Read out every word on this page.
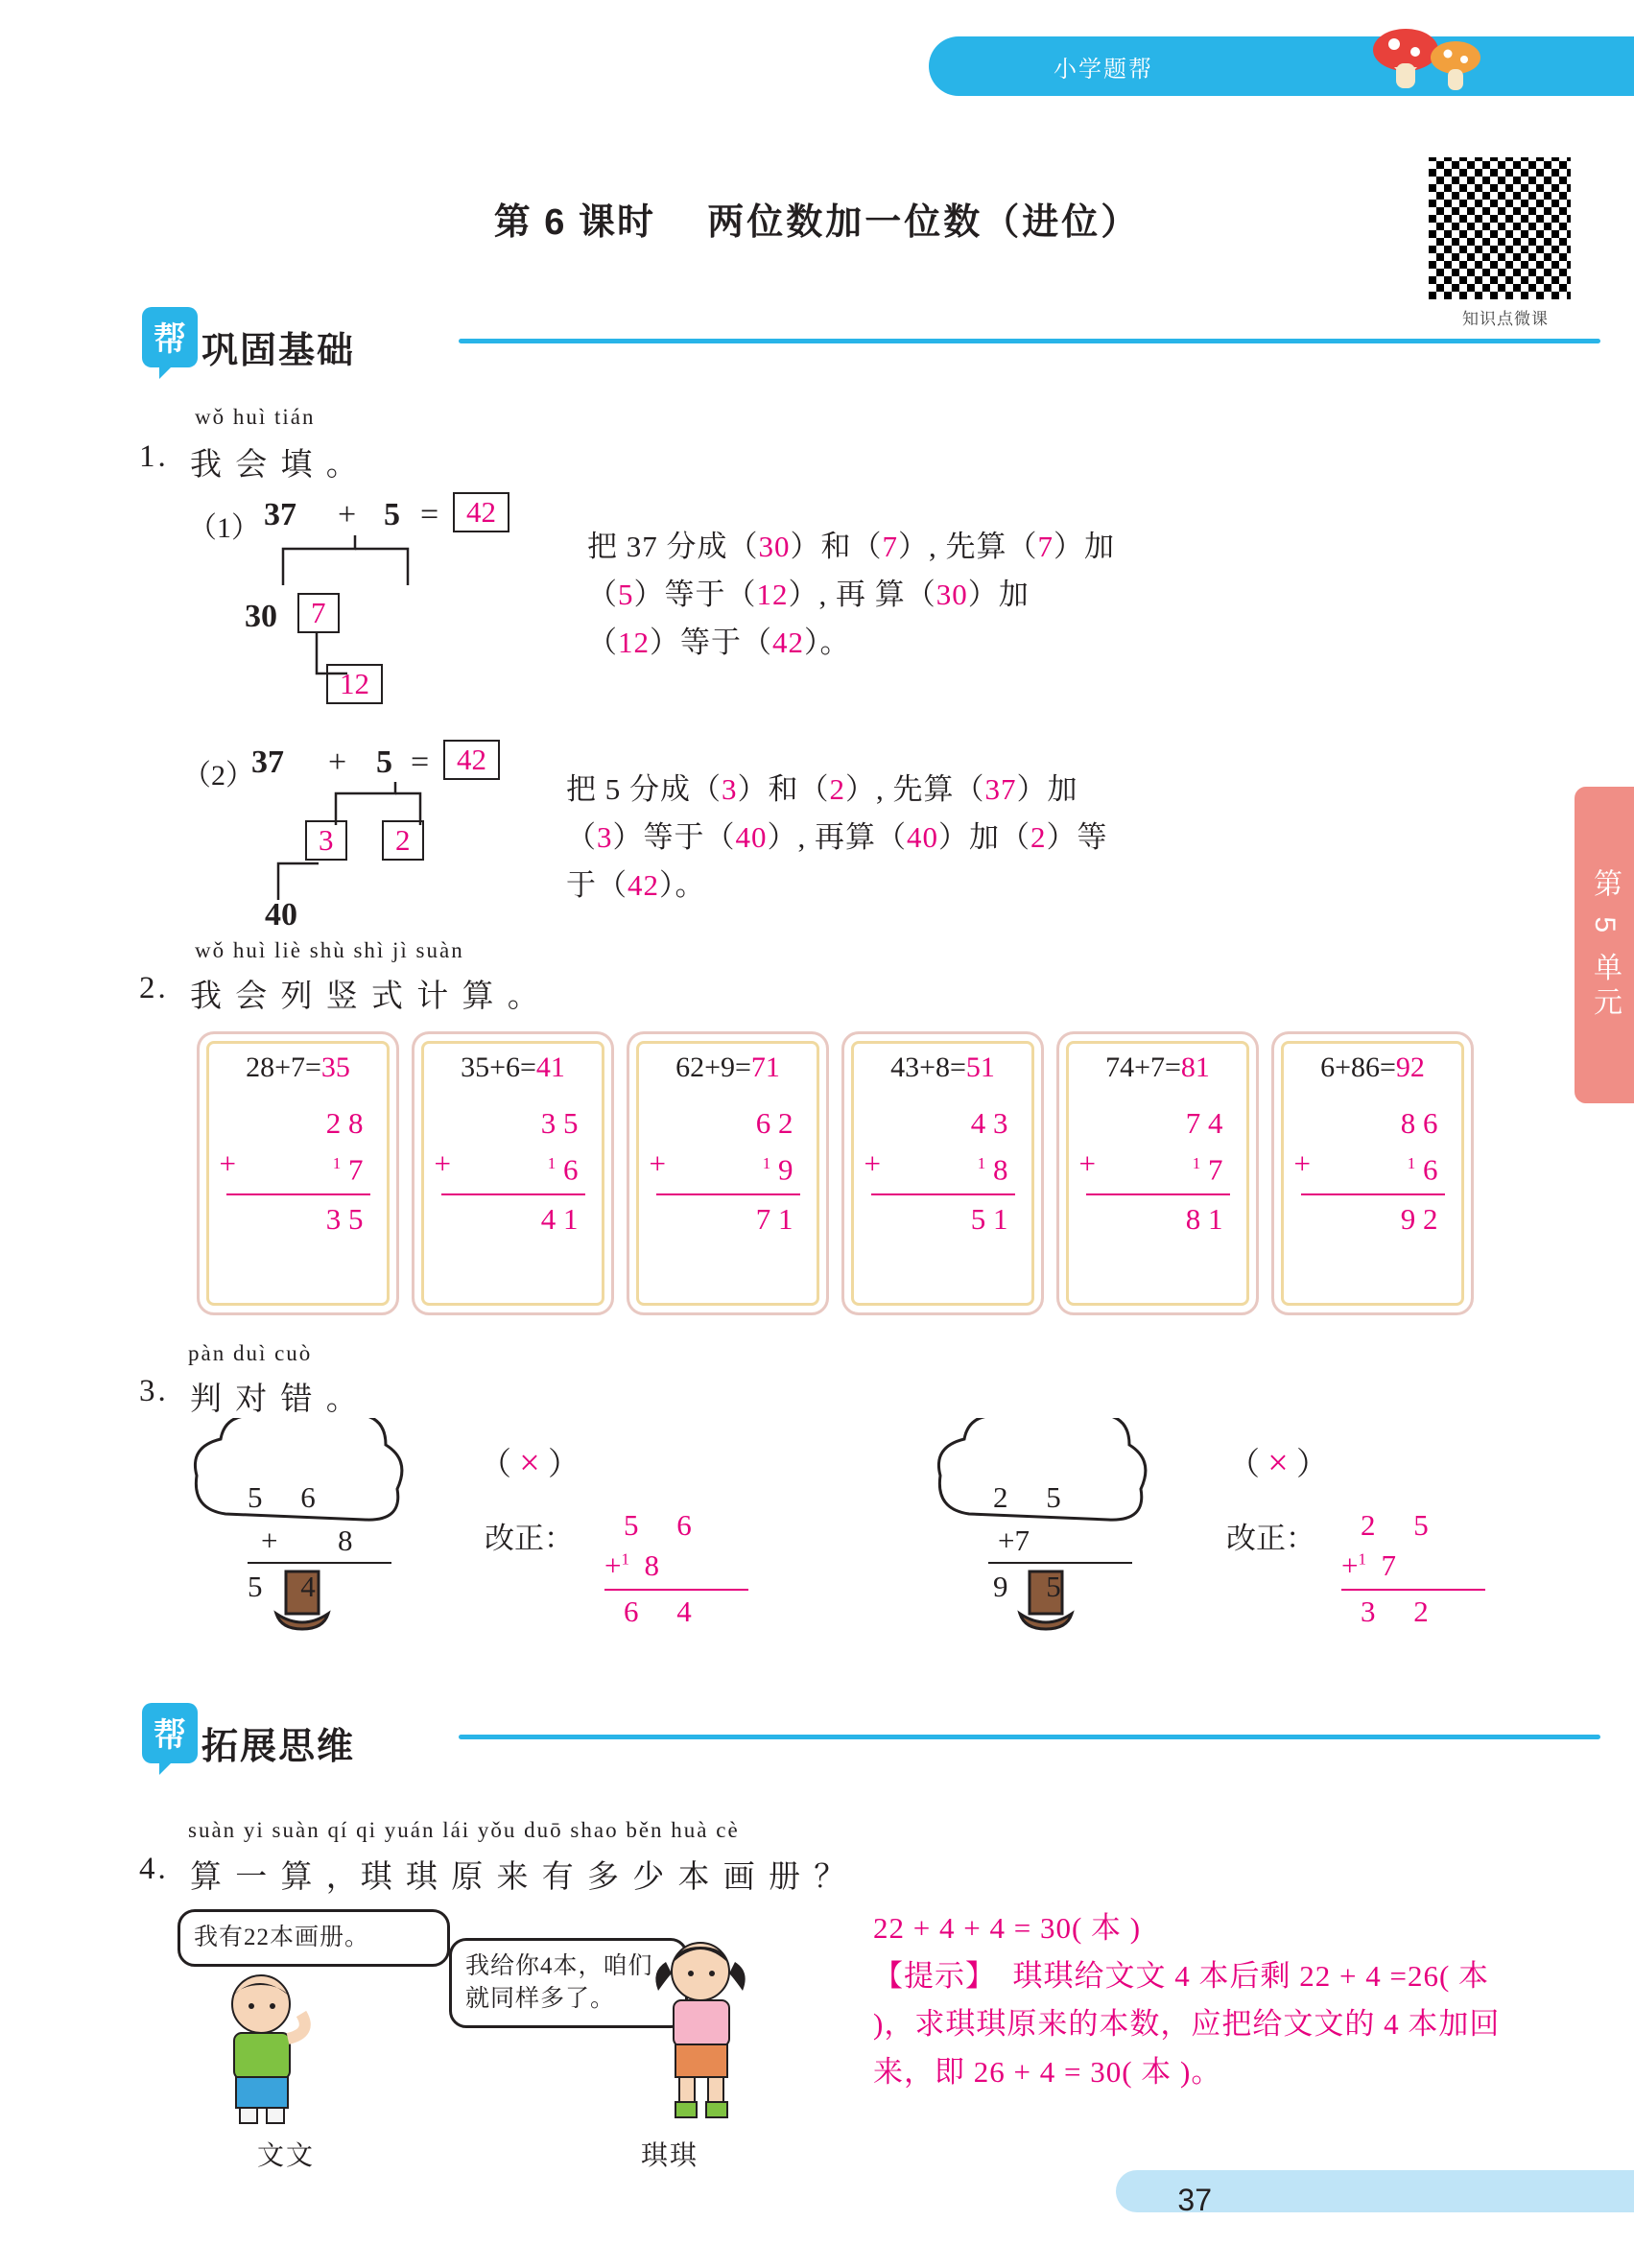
小学题帮
知识点微课
第 6 课时 两位数加一位数（进位）
第 5 单元
帮 巩固基础
wǒ huì tián
1. 我 会 填 。
（1） 37 + 5 = 42
30	7
12
把 37 分成（30）和（7）, 先算（7）加
（5）等于（12）, 再 算（30）加
（12）等于（42）。
（2）
37 + 5 = 42
3	2
40
把 5 分成（3）和（2）, 先算（37）加
（3）等于（40）, 再算（40）加（2）等
于（42）。
wǒ huì liè shù shì jì suàn
2. 我 会 列 竖 式 计 算 。
28+7=35
2 8
+	$^1$ 7
3 5
35+6=41
3 5
+	$^1$ 6
4 1
62+9=71
6 2
+	$^1$ 9
7 1
43+8=51
4 3
+	$^1$ 8
5 1
74+7=81
7 4
+	$^1$ 7
8 1
6+86=92
8 6
+	$^1$ 6
9 2
pàn duì cuò
3. 判 对 错 。
5 6
+ 8
5 4
（ × ）
改正： 5 6
+$^1$ 8
6 4
2 5
+7
9 5
（ × ）
改正： 2 5
+$^1$ 7
3 2
帮 拓展思维
suàn yi suàn qí qi yuán lái yǒu duō shao běn huà cè
4. 算 一 算 ，琪 琪 原 来 有 多 少 本 画 册 ？
我有22本画册。
我给你4本，咱们就同样多了。
文文	琪琪
22 + 4 + 4 = 30( 本 )
【提示】 琪琪给文文 4 本后剩 22 + 4 =26( 本 )，求琪琪原来的本数，应把给文文的 4 本加回来，即 26 + 4 = 30( 本 )。
37
